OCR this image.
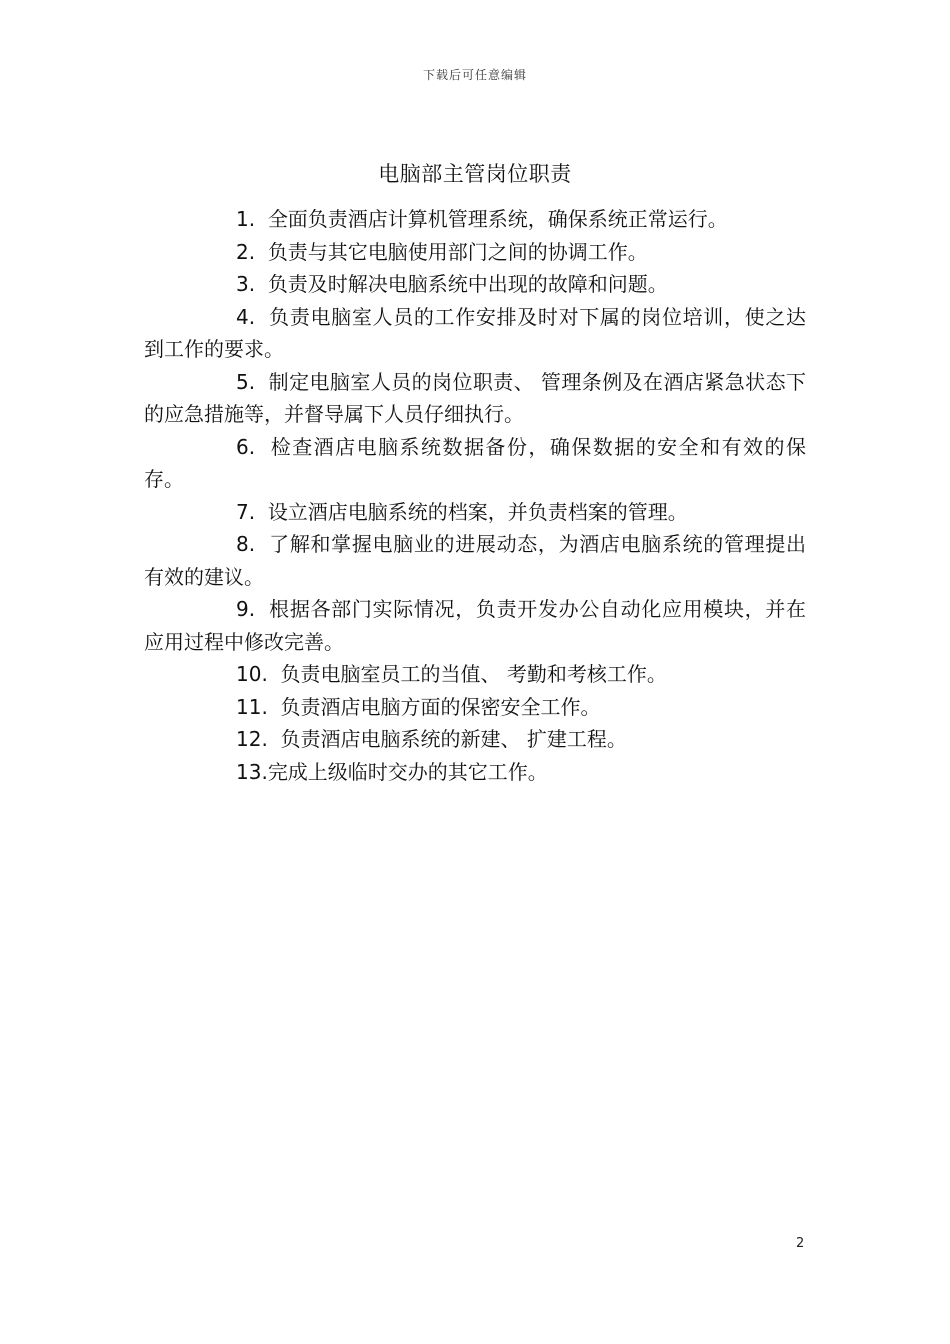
下载后可任意编辑
电脑部主管岗位职责

1. 全面负责酒店计算机管理系统，确保系统正常运行。

2. 负责与其它电脑使用部门之间的协调工作。

3. 负责及时解决电脑系统中出现的故障和问题。

4. 负责电脑室人员的工作安排及时对下属的岗位培训，使之达到工作的要求。

5. 制定电脑室人员的岗位职责、 管理条例及在酒店紧急状态下的应急措施等，并督导属下人员仔细执行。

6. 检查酒店电脑系统数据备份，确保数据的安全和有效的保存。

7. 设立酒店电脑系统的档案，并负责档案的管理。

8. 了解和掌握电脑业的进展动态，为酒店电脑系统的管理提出有效的建议。

9. 根据各部门实际情况，负责开发办公自动化应用模块，并在应用过程中修改完善。

10. 负责电脑室员工的当值、 考勤和考核工作。

11. 负责酒店电脑方面的保密安全工作。

12. 负责酒店电脑系统的新建、 扩建工程。

13.完成上级临时交办的其它工作。

2
